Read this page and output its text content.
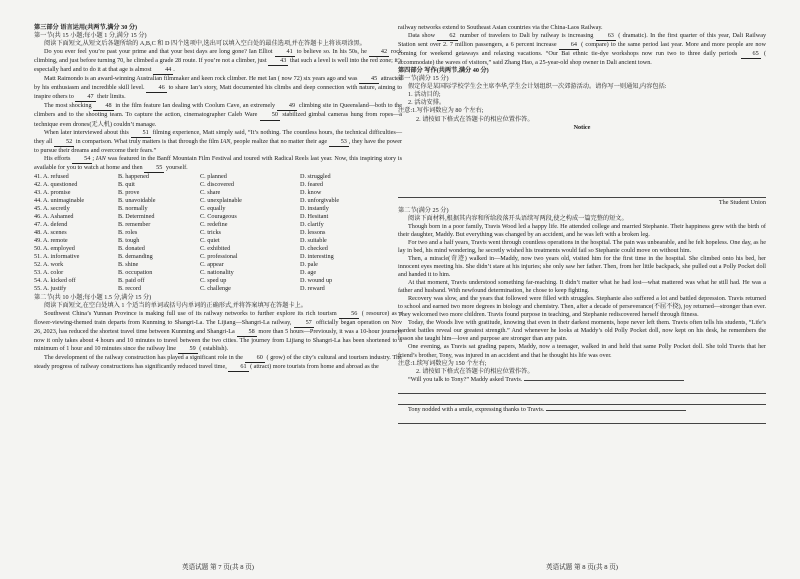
第三部分 语言运用(共两节,满分 30 分)

第一节(共 15 小题;每小题 1 分,满分 15 分)

阅读下面短文,从短文后各题所给的 A,B,C 和 D 四个选项中,选出可以填入空白处的最佳选项,并在答题卡上将该项涂黑。

Do you ever feel you’re past your prime and that your best days are long gone? Ian Elliot 41 to believe so. In his 50s, he 42 rock climbing, and just before turning 70, he climbed a grade 28 route. If you’re not a climber, just 43 that such a level is well into the red zone; it’s especially hard and to do it at that age is almost 44 .

Matt Raimondo is an award-winning Australian filmmaker and keen rock climber. He met Ian ( now 72) six years ago and was 45 attracted by his enthusiasm and incredible skill level. 46 to share Ian’s story, Matt documented his climbs and deep connection with nature, aiming to inspire others to 47 their limits.

The most shocking 48 in the film feature Ian dealing with Coolum Cave, an extremely 49 climbing site in Queensland—both to the climbers and to the shooting team. To capture the action, cinematographer Caleb Ware 50 stabilized gimbal cameras hung from ropes—a technique even drones(无人机) couldn’t manage.

When later interviewed about this 51 filming experience, Matt simply said, “It’s nothing. The countless hours, the technical difficulties—they all 52 in comparison. What truly matters is that through the film IAN, people realize that no matter their age 53 , they have the power to pursue their dreams and overcome their fears.”

His efforts 54 ; IAN was featured in the Banff Mountain Film Festival and toured with Radical Reels last year. Now, this inspiring story is available for you to watch at home and then 55 yourself.

41. A. refused	B. happened	C. planned	D. struggled
42. A. questioned	B. quit	C. discovered	D. feared
43. A. promise	B. prove	C. share	D. know
44. A. unimaginable	B. unavoidable	C. unexplainable	D. unforgivable
45. A. secretly	B. normally	C. equally	D. instantly
46. A. Ashamed	B. Determined	C. Courageous	D. Hesitant
47. A. defend	B. remember	C. redefine	D. clarify
48. A. scenes	B. roles	C. tricks	D. lessons
49. A. remote	B. tough	C. quiet	D. suitable
50. A. employed	B. donated	C. exhibited	D. checked
51. A. informative	B. demanding	C. professional	D. interesting
52. A. work	B. shine	C. appear	D. pale
53. A. color	B. occupation	C. nationality	D. age
54. A. kicked off	B. paid off	C. sped up	D. wound up
55. A. justify	B. record	C. challenge	D. reward

第二节(共 10 小题;每小题 1.5 分,满分 15 分)

阅读下面短文,在空白处填入 1 个适当的单词或括号内单词的正确形式,并将答案填写在答题卡上。

Southwest China’s Yunnan Province is making full use of its railway networks to further explore its rich tourism 56 ( resource) as a flower-viewing-themed train departs from Kunming to Shangri-La. The Lijiang—Shangri-La railway, 57 officially began operation on Nov 26, 2023, has reduced the shortest travel time between Kunming and Shangri-La 58 more than 5 hours—Previously, it was a 10-hour journey; now it only takes about 4 hours and 10 minutes to travel between the two cities. The journey from Lijiang to Shangri-La has been shortened to a minimum of 1 hour and 10 minutes since the railway line 59 ( establish).

The development of the railway construction has played a significant role in the 60 ( grow) of the city’s cultural and tourism industry. The steady progress of railway constructions has significantly reduced travel time, 61 ( attract) more tourists from home and abroad as the

railway networks extend to Southeast Asian countries via the China-Laos Railway.

Data show 62 number of travelers to Dali by railway is increasing 63 ( dramatic). In the first quarter of this year, Dali Railway Station sent over 2. 7 million passengers, a 6 percent increase 64 ( compare) to the same period last year. More and more people are now coming for weekend getaways and relaxing vacations. “Our Bai ethnic tie-dye workshops now run two to three daily periods 65 ( accommodate) the waves of visitors,” said Zhang Hao, a 25-year-old shop owner in Dali ancient town.

第四部分 写作(共两节,满分 40 分)

第一节(满分 15 分)

假定你是某国际学校学生会主席李华,学生会计划组织一次郊游活动。请你写一则通知,内容包括:

1. 活动目的;

2. 活动安排。

注意:1.写作词数应为 80 个左右;

2. 请按如下格式在答题卡的相应位置作答。

Notice

The Student Union

第二节(满分 25 分)

阅读下面材料,根据其内容和所给段落开头语续写两段,使之构成一篇完整的短文。

Though born in a poor family, Travis Wood led a happy life. He attended college and married Stephanie. Their happiness grew with the birth of their daughter, Maddy. But everything was changed by an accident, and he was left with a broken leg.

For two and a half years, Travis went through countless operations in the hospital. The pain was unbearable, and he felt hopeless. One day, as he lay in bed, his mind wondering, he secretly wished his treatments would fail so Stephanie could move on without him.

Then, a miracle(奇迹) walked in—Maddy, now two years old, visited him for the first time in the hospital. She climbed onto his bed, her innocent eyes meeting his. She didn’t stare at his injuries; she only saw her father. Then, from her little backpack, she pulled out a Polly Pocket doll and handed it to him.

At that moment, Travis understood something far-reaching. It didn’t matter what he had lost—what mattered was what he still had. He was a father and husband. With newfound determination, he chose to keep fighting.

Recovery was slow, and the years that followed were filled with struggles. Stephanie also suffered a lot and battled depression. Travis returned to school and earned two more degrees in biology and chemistry. Then, after a decade of perseverance(不屈不挠), joy returned—stronger than ever. They welcomed two more children. Travis found purpose in teaching, and Stephanie rediscovered herself through fitness.

Today, the Woods live with gratitude, knowing that even in their darkest moments, hope never left them. Travis often tells his students, “Life’s hardest battles reveal our greatest strength.” And whenever he looks at Maddy’s old Polly Pocket doll, now kept on his desk, he remembers the lesson she taught him—love and purpose are stronger than any pain.

One evening, as Travis sat grading papers, Maddy, now a teenager, walked in and held that same Polly Pocket doll. She told Travis that her friend’s brother, Tony, was injured in an accident and that he thought his life was over.

注意:1.续写词数应为 150 个左右;

2. 请按如下格式在答题卡的相应位置作答。

“Will you talk to Tony?” Maddy asked Travis.

Tony nodded with a smile, expressing thanks to Travis.

英语试题 第 7 页(共 8 页)	英语试题 第 8 页(共 8 页)
